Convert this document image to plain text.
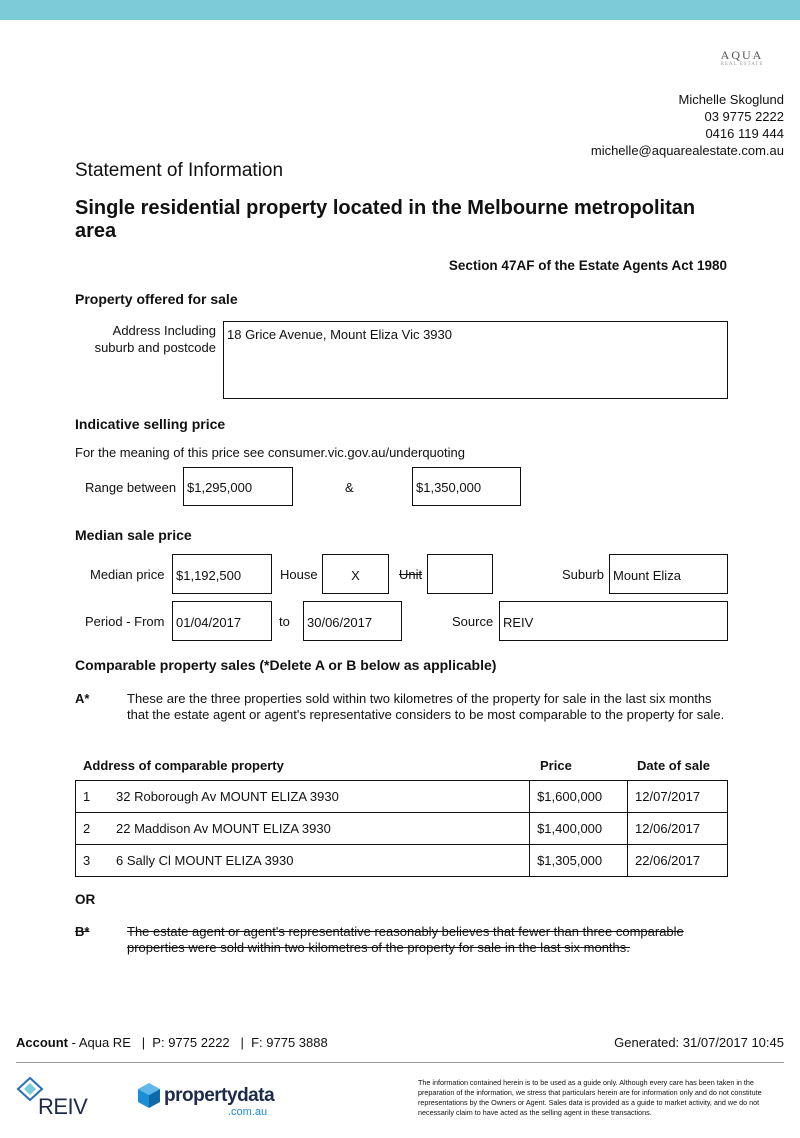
AQUA
REAL ESTATE
Michelle Skoglund
03 9775 2222
0416 119 444
michelle@aquarealestate.com.au
Statement of Information
Single residential property located in the Melbourne metropolitan area
Section 47AF of the Estate Agents Act 1980
Property offered for sale
Address Including suburb and postcode
18 Grice Avenue, Mount Eliza Vic 3930
Indicative selling price
For the meaning of this price see consumer.vic.gov.au/underquoting
Range between $1,295,000	&	$1,350,000
Median sale price
Median price $1,192,500	House	X	Unit	Suburb Mount Eliza
Period - From 01/04/2017	to	30/06/2017	Source REIV
Comparable property sales (*Delete A or B below as applicable)
A*	These are the three properties sold within two kilometres of the property for sale in the last six months that the estate agent or agent's representative considers to be most comparable to the property for sale.
Address of comparable property	Price	Date of sale
1 32 Roborough Av MOUNT ELIZA 3930	$1,600,000	12/07/2017
2 22 Maddison Av MOUNT ELIZA 3930	$1,400,000	12/06/2017
3 6 Sally Cl MOUNT ELIZA 3930	$1,305,000	22/06/2017
OR
B*	The estate agent or agent's representative reasonably believes that fewer than three comparable properties were sold within two kilometres of the property for sale in the last six months.
Account - Aqua RE   |  P: 9775 2222   |  F: 9775 3888	Generated: 31/07/2017 10:45
REIV	propertydata
.com.au
The information contained herein is to be used as a guide only. Although every care has been taken in the preparation of the information, we stress that particulars herein are for information only and do not constitute representations by the Owners or Agent. Sales data is provided as a guide to market activity, and we do not necessarily claim to have acted as the selling agent in these transactions.
